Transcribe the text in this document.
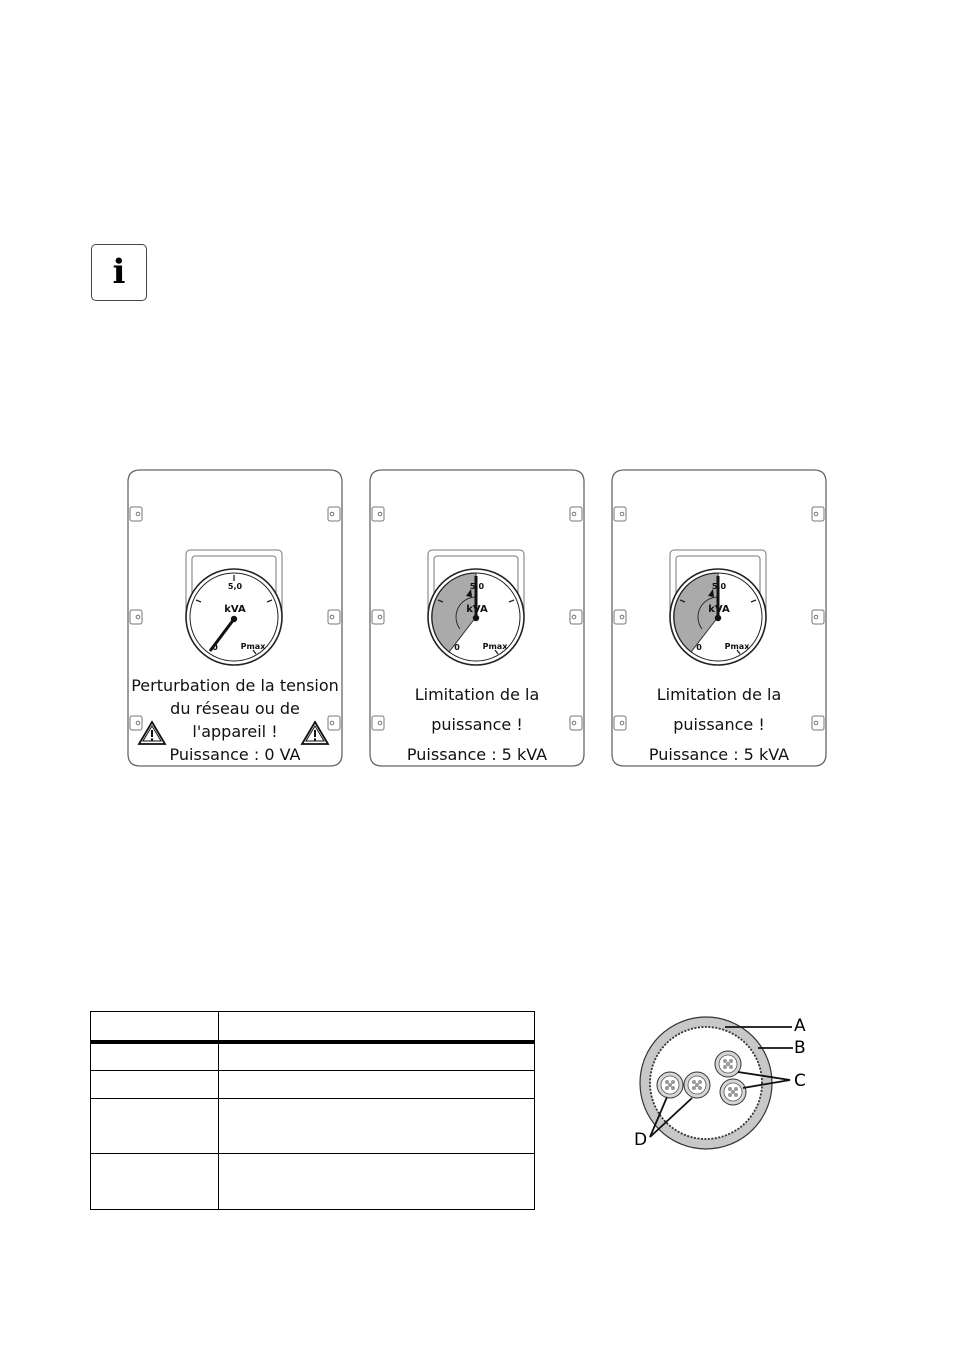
i
5,0
kVA
0	Pmax
Perturbation de la tension
du réseau ou de
l'appareil !
Puissance : 0 VA
5,0
kVA
0	Pmax
Limitation de la
puissance !
Puissance : 5 kVA
5,0
kVA
0	Pmax
Limitation de la
puissance !
Puissance : 5 kVA

A
B
C
D
